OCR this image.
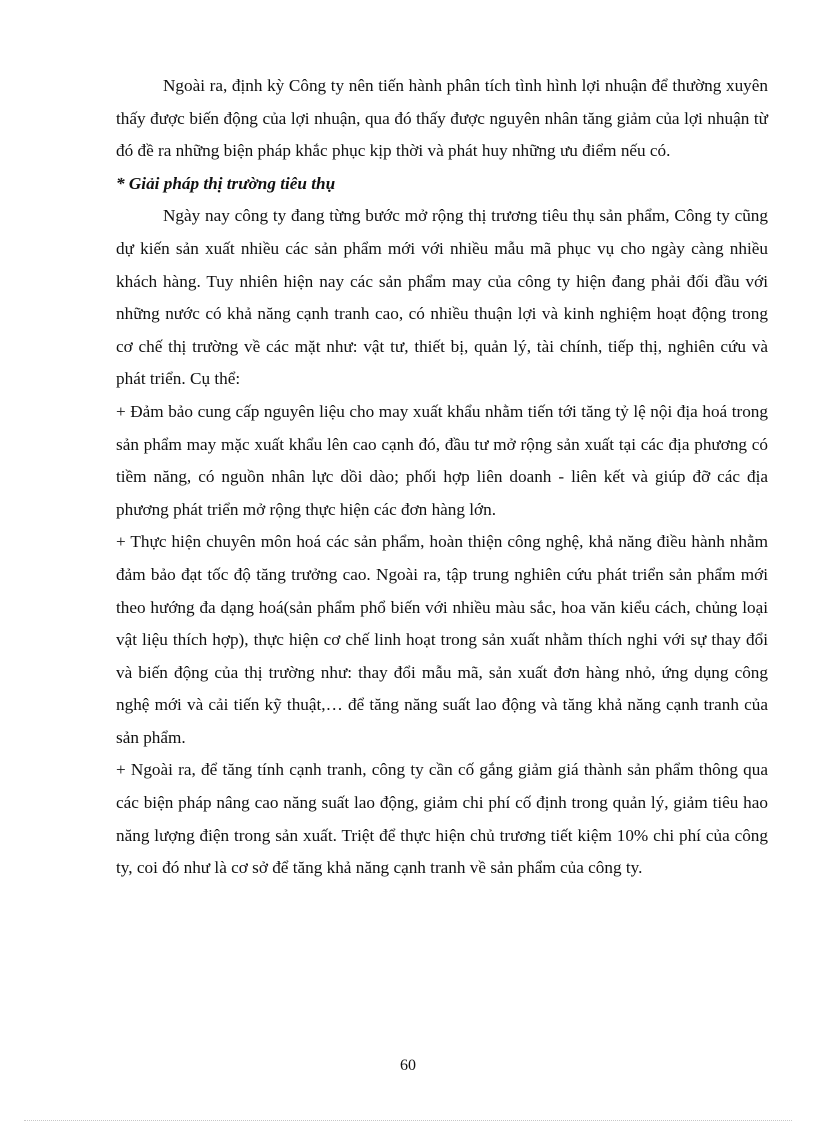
Ngoài ra, định kỳ Công ty nên tiến hành phân tích tình hình lợi nhuận để thường xuyên thấy được biến động của lợi nhuận, qua đó thấy được nguyên nhân tăng giảm của lợi nhuận từ đó đề ra những biện pháp khắc phục kịp thời và phát huy những ưu điểm nếu có.

* Giải pháp thị trường tiêu thụ

Ngày nay công ty đang từng bước mở rộng thị trương tiêu thụ sản phẩm, Công ty cũng dự kiến sản xuất nhiều các sản phẩm mới với nhiều mẫu mã phục vụ cho ngày càng nhiều khách hàng. Tuy nhiên hiện nay các sản phẩm may của công ty hiện đang phải đối đầu với những nước có khả năng cạnh tranh cao, có nhiều thuận lợi và kinh nghiệm hoạt động trong cơ chế thị trường về các mặt như: vật tư, thiết bị, quản lý, tài chính, tiếp thị, nghiên cứu và phát triển. Cụ thể:

+ Đảm bảo cung cấp nguyên liệu cho may xuất khẩu nhằm tiến tới tăng tỷ lệ nội địa hoá trong sản phẩm may mặc xuất khẩu lên cao cạnh đó, đầu tư mở rộng sản xuất tại các địa phương có tiềm năng, có nguồn nhân lực dồi dào; phối hợp liên doanh - liên kết và giúp đỡ các địa phương phát triển mở rộng thực hiện các đơn hàng lớn.

+ Thực hiện chuyên môn hoá các sản phẩm, hoàn thiện công nghệ, khả năng điều hành nhằm đảm bảo đạt tốc độ tăng trưởng cao. Ngoài ra, tập trung nghiên cứu phát triển sản phẩm mới theo hướng đa dạng hoá(sản phẩm phổ biến với nhiều màu sắc, hoa văn kiểu cách, chủng loại vật liệu thích hợp), thực hiện cơ chế linh hoạt trong sản xuất nhằm thích nghi với sự thay đổi và biến động của thị trường như: thay đổi mẫu mã, sản xuất đơn hàng nhỏ, ứng dụng công nghệ mới và cải tiến kỹ thuật,… để tăng năng suất lao động và tăng khả năng cạnh tranh của sản phẩm.

+ Ngoài ra, để tăng tính cạnh tranh, công ty cần cố gắng giảm giá thành sản phẩm thông qua các biện pháp nâng cao năng suất lao động, giảm chi phí cố định trong quản lý, giảm tiêu hao năng lượng điện trong sản xuất. Triệt để thực hiện chủ trương tiết kiệm 10% chi phí của công ty, coi đó như là cơ sở để tăng khả năng cạnh tranh về sản phẩm của công ty.

60
